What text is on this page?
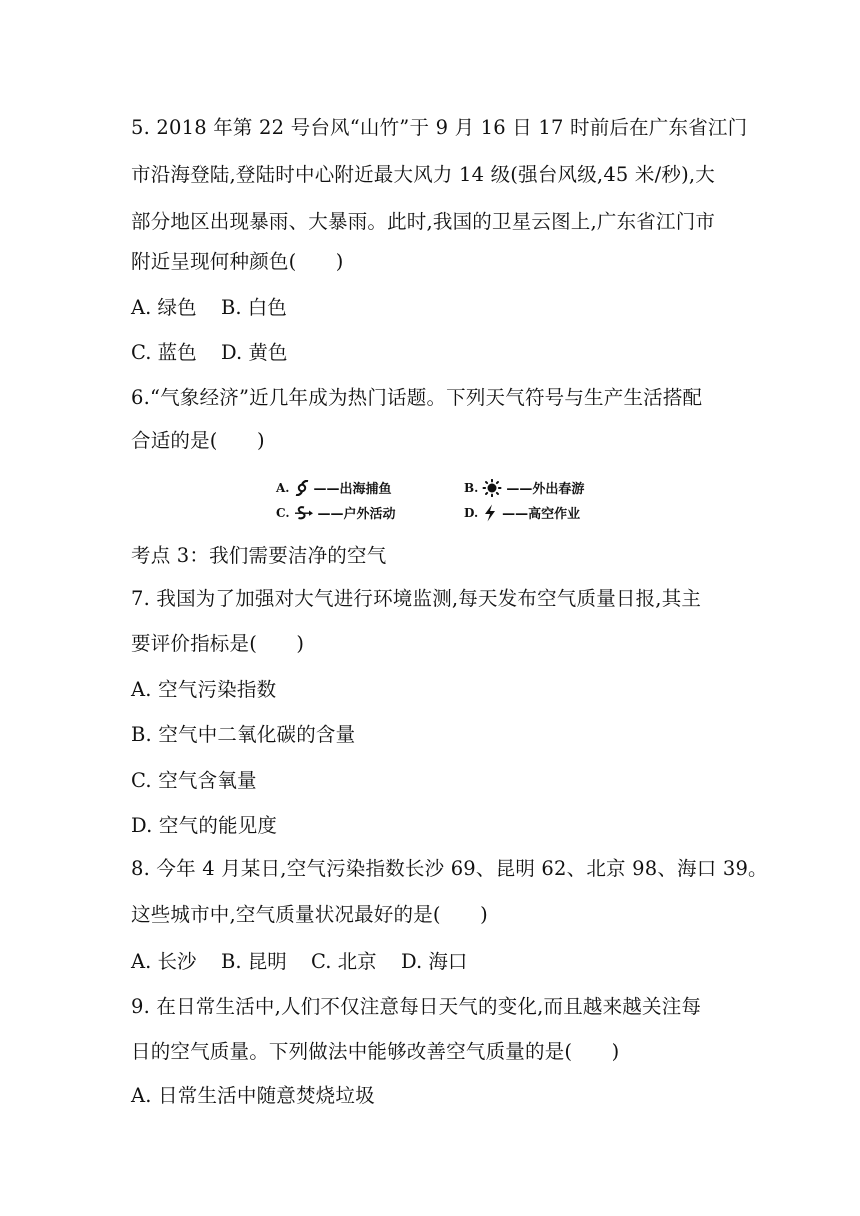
5. 2018 年第 22 号台风“山竹”于 9 月 16 日 17 时前后在广东省江门
市沿海登陆,登陆时中心附近最大风力 14 级(强台风级,45 米/秒),大
部分地区出现暴雨、大暴雨。此时,我国的卫星云图上,广东省江门市
附近呈现何种颜色(　　)
A. 绿色 B. 白色
C. 蓝色 D. 黄色
6.“气象经济”近几年成为热门话题。下列天气符号与生产生活搭配
合适的是(　　)
A. ——出海捕鱼	B. ——外出春游
C. ——户外活动	D. ——高空作业
考点 3：我们需要洁净的空气
7. 我国为了加强对大气进行环境监测,每天发布空气质量日报,其主
要评价指标是(　　)
A. 空气污染指数
B. 空气中二氧化碳的含量
C. 空气含氧量
D. 空气的能见度
8. 今年 4 月某日,空气污染指数长沙 69、昆明 62、北京 98、海口 39。
这些城市中,空气质量状况最好的是(　　)
A. 长沙 B. 昆明 C. 北京 D. 海口
9. 在日常生活中,人们不仅注意每日天气的变化,而且越来越关注每
日的空气质量。下列做法中能够改善空气质量的是(　　)
A. 日常生活中随意焚烧垃圾
